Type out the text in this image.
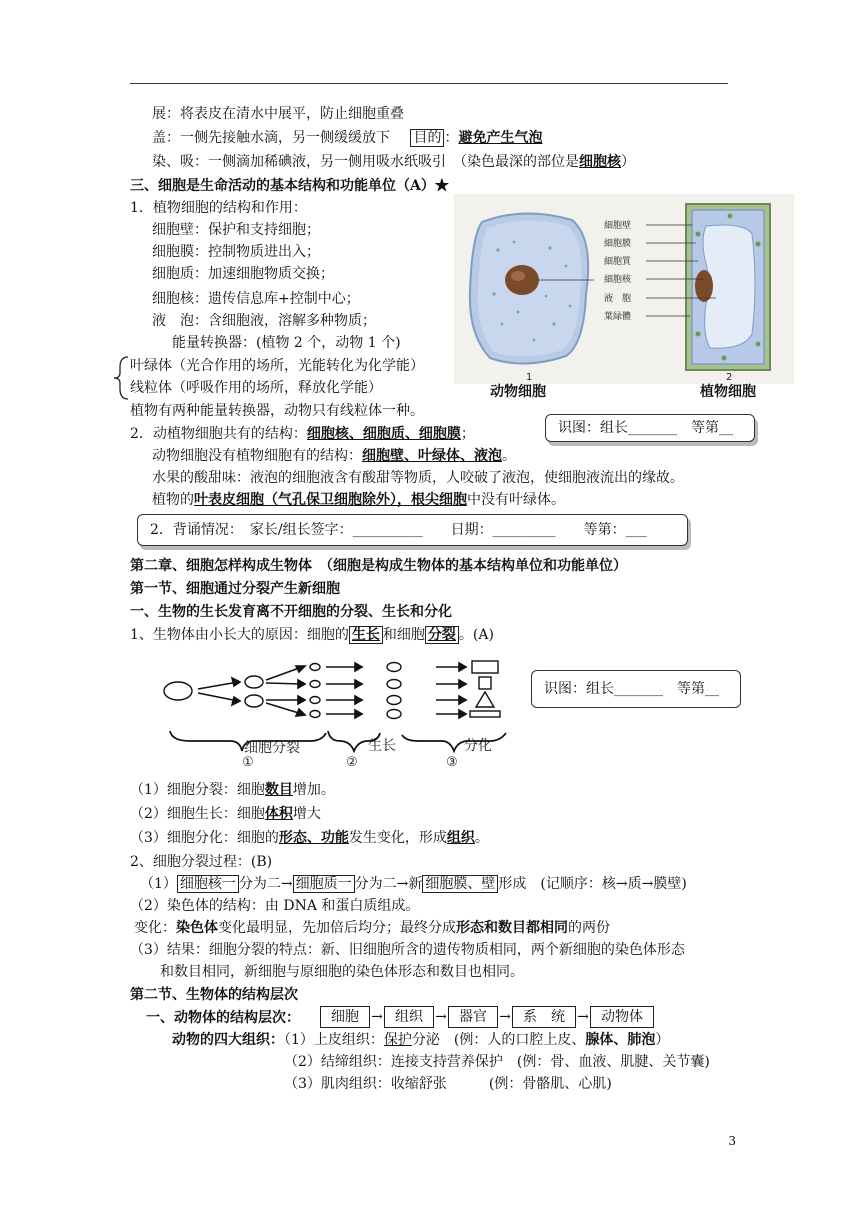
展：将表皮在清水中展平，防止细胞重叠
盖：一侧先接触水滴，另一侧缓缓放下 目的 ：避免产生气泡
染、吸：一侧滴加稀碘液，另一侧用吸水纸吸引　（染色最深的部位是细胞核）
三、细胞是生命活动的基本结构和功能单位（A）★
1．植物细胞的结构和作用：
细胞壁：保护和支持细胞；
细胞膜：控制物质进出入；
细胞质：加速细胞物质交换；
细胞核：遗传信息库+控制中心；
液　泡：含细胞液，溶解多种物质；
能量转换器：(植物 2 个，动物 1 个)
叶绿体（光合作用的场所，光能转化为化学能）
线粒体（呼吸作用的场所，释放化学能）
植物有两种能量转换器，动物只有线粒体一种。
細胞壁
細胞膜
細胞質
細胞核
液　胞
葉緑體
1	2
动物细胞	植物细胞
识图：组长_______　等第__
2．动植物细胞共有的结构：细胞核、细胞质、细胞膜；
动物细胞没有植物细胞有的结构：细胞壁、叶绿体、液泡。
水果的酸甜味：液泡的细胞液含有酸甜等物质，人咬破了液泡，使细胞液流出的缘故。
植物的叶表皮细胞（气孔保卫细胞除外），根尖细胞中没有叶绿体。
2．背诵情况：　家长/组长签字：__________　　日期：_________　　等第：___
第二章、细胞怎样构成生物体　（细胞是构成生物体的基本结构单位和功能单位）
第一节、细胞通过分裂产生新细胞
一、生物的生长发育离不开细胞的分裂、生长和分化
1、生物体由小长大的原因：细胞的 生长 和细胞 分裂 。(A)
①	②	③
细胞分裂	生长	分化
识图：组长_______　等第__
（1）细胞分裂：细胞数目增加。
（2）细胞生长：细胞体积增大
（3）细胞分化：细胞的形态、功能发生变化，形成组织。
2、细胞分裂过程：(B)
（1） 细胞核一 分为二→ 细胞质一 分为二→新 细胞膜、壁 形成　(记顺序：核→质→膜壁)
（2）染色体的结构：由 DNA 和蛋白质组成。
变化：染色体变化最明显，先加倍后均分；最终分成形态和数目都相同的两份
（3）结果：细胞分裂的特点：新、旧细胞所含的遗传物质相同，两个新细胞的染色体形态
和数目相同，新细胞与原细胞的染色体形态和数目也相同。
第二节、生物体的结构层次
一、动物体的结构层次：	细胞 → 组织 → 器官 → 系　统 → 动物体
动物的四大组织：（1）上皮组织：保护分泌　(例：人的口腔上皮、腺体、肺泡）
（2）结缔组织：连接支持营养保护　(例：骨、血液、肌腱、关节囊)
（3）肌肉组织：收缩舒张　　　(例：骨骼肌、心肌)
3
